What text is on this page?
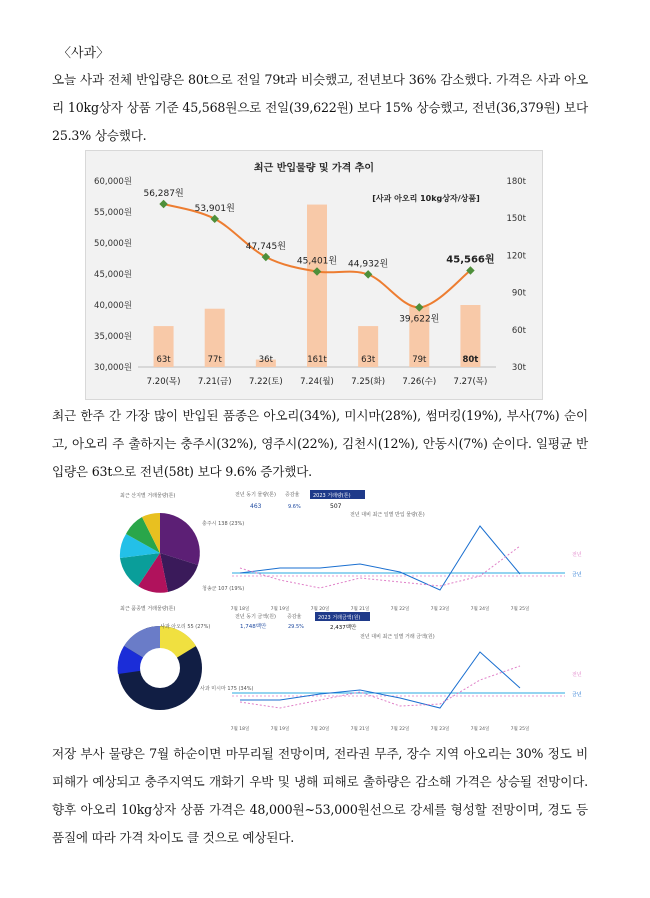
〈사과〉
오늘 사과 전체 반입량은 80t으로 전일 79t과 비슷했고, 전년보다 36% 감소했다. 가격은 사과 아오리 10kg상자 상품 기준 45,568원으로 전일(39,622원) 보다 15% 상승했고, 전년(36,379원) 보다 25.3% 상승했다.
최근 반입물량 및 가격 추이
[사과 아오리 10kg상자/상품]
60,000원
55,000원
50,000원
45,000원
40,000원
35,000원
30,000원
180t
150t
120t
90t
60t
30t
63t	77t	36t	161t	63t	79t	80t
7.20(목) 7.21(금) 7.22(토) 7.24(월) 7.25(화) 7.26(수) 7.27(목)
56,287원
53,901원
47,745원
45,401원 44,932원
39,622원
45,566원
최근 한주 간 가장 많이 반입된 품종은 아오리(34%), 미시마(28%), 썸머킹(19%), 부사(7%) 순이고, 아오리 주 출하지는 충주시(32%), 영주시(22%), 김천시(12%), 안동시(7%) 순이다. 일평균 반입량은 63t으로 전년(58t) 보다 9.6% 증가했다.
최근 산지별 거래물량(톤)
충주시 138 (23%)
청송군 107 (19%)
최근 품종별 거래물량(톤)
사과 아오리 55 (27%)
사과 미시마 175 (34%)
전년 동기 물량(톤)
463
증감율
9.6%
2023 거래량(톤)
507
전년 대비 최근 일별 반입 물량(톤)
7월 18일	7월 19일	7월 20일	7월 21일	7월 22일	7월 23일	7월 24일	7월 25일
전년
금년
전년 동기 금액(원)
1,748백만
증감율
29.5%
2023 거래금액(원)
2,437백만
전년 대비 최근 일별 거래 금액(원)
7월 18일	7월 19일	7월 20일	7월 21일	7월 22일	7월 23일	7월 24일	7월 25일
전년
금년
저장 부사 물량은 7월 하순이면 마무리될 전망이며, 전라권 무주, 장수 지역 아오리는 30% 정도 비 피해가 예상되고 충주지역도 개화기 우박 및 냉해 피해로 출하량은 감소해 가격은 상승될 전망이다. 향후 아오리 10kg상자 상품 가격은 48,000원~53,000원선으로 강세를 형성할 전망이며, 경도 등 품질에 따라 가격 차이도 클 것으로 예상된다.
